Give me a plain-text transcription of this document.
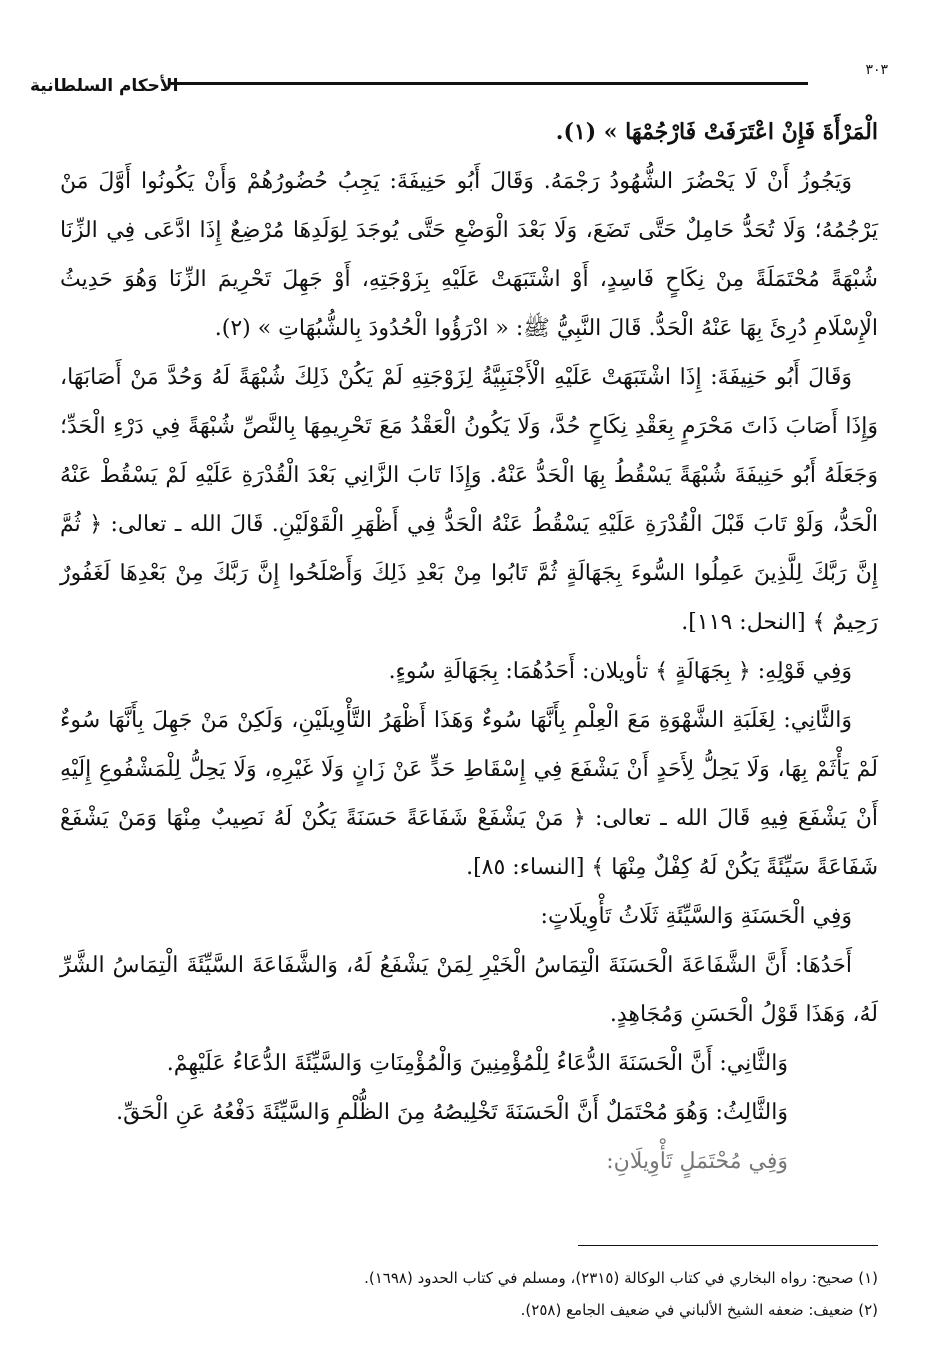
الأحكام السلطانية
٣٠٣

الْمَرْأَةَ فَإِنْ اعْتَرَفَتْ فَارْجُمْهَا » (١).

وَيَجُوزُ أَنْ لَا يَحْضُرَ الشُّهُودُ رَجْمَهُ. وَقَالَ أَبُو حَنِيفَةَ: يَجِبُ حُضُورُهُمْ وَأَنْ يَكُونُوا أَوَّلَ مَنْ يَرْجُمُهُ؛ وَلَا تُحَدُّ حَامِلٌ حَتَّى تَضَعَ، وَلَا بَعْدَ الْوَضْعِ حَتَّى يُوجَدَ لِوَلَدِهَا مُرْضِعٌ إِذَا ادَّعَى فِي الزِّنَا شُبْهَةً مُحْتَمَلَةً مِنْ نِكَاحٍ فَاسِدٍ، أَوْ اشْتَبَهَتْ عَلَيْهِ بِزَوْجَتِهِ، أَوْ جَهِلَ تَحْرِيمَ الزِّنَا وَهُوَ حَدِيثُ الْإِسْلَامِ دُرِئَ بِهَا عَنْهُ الْحَدُّ. قَالَ النَّبِيُّ ﷺ: « ادْرَؤُوا الْحُدُودَ بِالشُّبُهَاتِ » (٢).

وَقَالَ أَبُو حَنِيفَةَ: إِذَا اشْتَبَهَتْ عَلَيْهِ الْأَجْنَبِيَّةُ لِزَوْجَتِهِ لَمْ يَكُنْ ذَلِكَ شُبْهَةً لَهُ وَحُدَّ مَنْ أَصَابَهَا، وَإِذَا أَصَابَ ذَاتَ مَحْرَمٍ بِعَقْدِ نِكَاحٍ حُدَّ، وَلَا يَكُونُ الْعَقْدُ مَعَ تَحْرِيمِهَا بِالنَّصِّ شُبْهَةً فِي دَرْءِ الْحَدِّ؛ وَجَعَلَهُ أَبُو حَنِيفَةَ شُبْهَةً يَسْقُطُ بِهَا الْحَدُّ عَنْهُ. وَإِذَا تَابَ الزَّانِي بَعْدَ الْقُدْرَةِ عَلَيْهِ لَمْ يَسْقُطْ عَنْهُ الْحَدُّ، وَلَوْ تَابَ قَبْلَ الْقُدْرَةِ عَلَيْهِ يَسْقُطُ عَنْهُ الْحَدُّ فِي أَظْهَرِ الْقَوْلَيْنِ. قَالَ الله ـ تعالى: ﴿ ثُمَّ إِنَّ رَبَّكَ لِلَّذِينَ عَمِلُوا السُّوءَ بِجَهَالَةٍ ثُمَّ تَابُوا مِنْ بَعْدِ ذَلِكَ وَأَصْلَحُوا إِنَّ رَبَّكَ مِنْ بَعْدِهَا لَغَفُورٌ رَحِيمٌ ﴾ [النحل: ١١٩].

وَفِي قَوْلِهِ: ﴿ بِجَهَالَةٍ ﴾ تأويلان: أَحَدُهُمَا: بِجَهَالَةِ سُوءٍ.

وَالثَّانِي: لِغَلَبَةِ الشَّهْوَةِ مَعَ الْعِلْمِ بِأَنَّهَا سُوءٌ وَهَذَا أَظْهَرُ التَّأْوِيلَيْنِ، وَلَكِنْ مَنْ جَهِلَ بِأَنَّهَا سُوءٌ لَمْ يَأْثَمْ بِهَا، وَلَا يَحِلُّ لِأَحَدٍ أَنْ يَشْفَعَ فِي إِسْقَاطِ حَدٍّ عَنْ زَانٍ وَلَا غَيْرِهِ، وَلَا يَحِلُّ لِلْمَشْفُوعِ إِلَيْهِ أَنْ يَشْفَعَ فِيهِ قَالَ الله ـ تعالى: ﴿ مَنْ يَشْفَعْ شَفَاعَةً حَسَنَةً يَكُنْ لَهُ نَصِيبٌ مِنْهَا وَمَنْ يَشْفَعْ شَفَاعَةً سَيِّئَةً يَكُنْ لَهُ كِفْلٌ مِنْهَا ﴾ [النساء: ٨٥].

وَفِي الْحَسَنَةِ وَالسَّيِّئَةِ ثَلَاثُ تَأْوِيلَاتٍ:

أَحَدُهَا: أَنَّ الشَّفَاعَةَ الْحَسَنَةَ الْتِمَاسُ الْخَيْرِ لِمَنْ يَشْفَعُ لَهُ، وَالشَّفَاعَةَ السَّيِّئَةَ الْتِمَاسُ الشَّرِّ لَهُ، وَهَذَا قَوْلُ الْحَسَنِ وَمُجَاهِدٍ.

وَالثَّانِي: أَنَّ الْحَسَنَةَ الدُّعَاءُ لِلْمُؤْمِنِينَ وَالْمُؤْمِنَاتِ وَالسَّيِّئَةَ الدُّعَاءُ عَلَيْهِمْ.

وَالثَّالِثُ: وَهُوَ مُحْتَمَلٌ أَنَّ الْحَسَنَةَ تَخْلِيصُهُ مِنَ الظُّلْمِ وَالسَّيِّئَةَ دَفْعُهُ عَنِ الْحَقِّ.

وَفِي مُحْتَمَلٍ تَأْوِيلَانِ:

(١) صحيح: رواه البخاري في كتاب الوكالة (٢٣١٥)، ومسلم في كتاب الحدود (١٦٩٨).

(٢) ضعيف: ضعفه الشيخ الألباني في ضعيف الجامع (٢٥٨).
